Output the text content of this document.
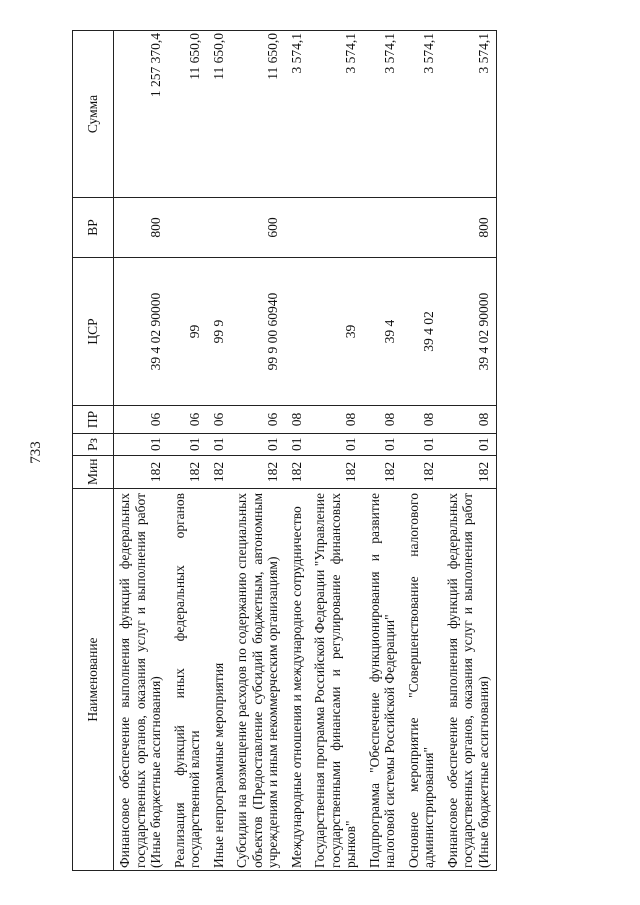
733
Наименование	Мин	Рз	ПР	ЦСР	ВР	Сумма
Финансовое обеспечение выполнения функций федеральных государственных органов, оказания услуг и выполнения работ (Иные бюджетные ассигнования)	182	01	06	39 4 02 90000	800	1 257 370,4
Реализация функций иных федеральных органов государственной власти	182	01	06	99		11 650,0
Иные непрограммные мероприятия	182	01	06	99 9		11 650,0
Субсидии на возмещение расходов по содержанию специальных объектов (Предоставление субсидий бюджетным, автономным учреждениям и иным некоммерческим организациям)	182	01	06	99 9 00 60940	600	11 650,0
Международные отношения и международное сотрудничество	182	01	08			3 574,1
Государственная программа Российской Федерации "Управление государственными финансами и регулирование финансовых рынков"	182	01	08	39		3 574,1
Подпрограмма "Обеспечение функционирования и развитие налоговой системы Российской Федерации"	182	01	08	39 4		3 574,1
Основное мероприятие "Совершенствование налогового администрирования"	182	01	08	39 4 02		3 574,1
Финансовое обеспечение выполнения функций федеральных государственных органов, оказания услуг и выполнения работ (Иные бюджетные ассигнования)	182	01	08	39 4 02 90000	800	3 574,1
